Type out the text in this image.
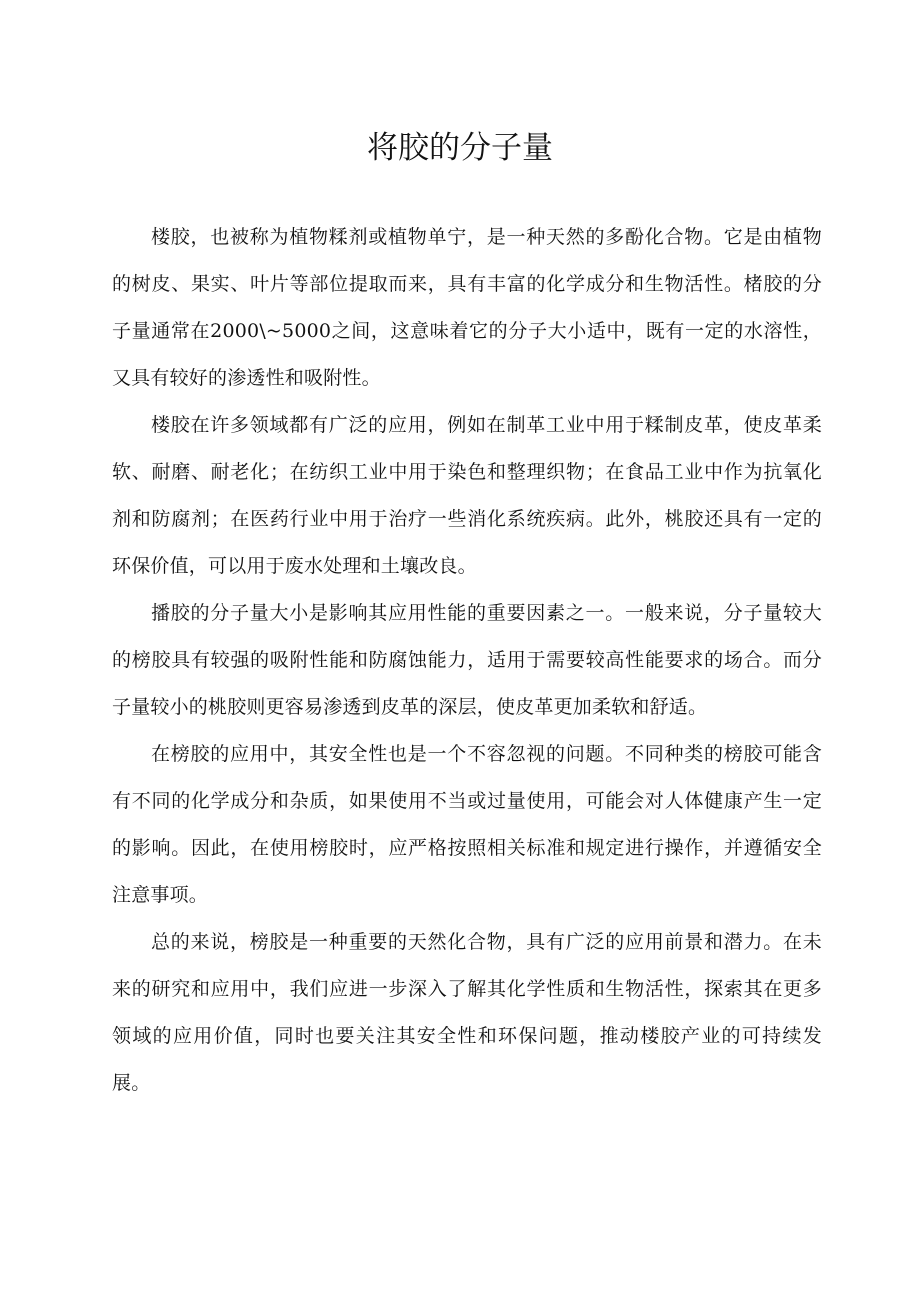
将胶的分子量

楼胶，也被称为植物糅剂或植物单宁，是一种天然的多酚化合物。它是由植物的树皮、果实、叶片等部位提取而来，具有丰富的化学成分和生物活性。楮胶的分子量通常在2000\~5000之间，这意味着它的分子大小适中，既有一定的水溶性，又具有较好的渗透性和吸附性。

楼胶在许多领域都有广泛的应用，例如在制革工业中用于糅制皮革，使皮革柔软、耐磨、耐老化；在纺织工业中用于染色和整理织物；在食品工业中作为抗氧化剂和防腐剂；在医药行业中用于治疗一些消化系统疾病。此外，桃胶还具有一定的环保价值，可以用于废水处理和土壤改良。

播胶的分子量大小是影响其应用性能的重要因素之一。一般来说，分子量较大的榜胶具有较强的吸附性能和防腐蚀能力，适用于需要较高性能要求的场合。而分子量较小的桃胶则更容易渗透到皮革的深层，使皮革更加柔软和舒适。

在榜胶的应用中，其安全性也是一个不容忽视的问题。不同种类的榜胶可能含有不同的化学成分和杂质，如果使用不当或过量使用，可能会对人体健康产生一定的影响。因此，在使用榜胶时，应严格按照相关标准和规定进行操作，并遵循安全注意事项。

总的来说，榜胶是一种重要的天然化合物，具有广泛的应用前景和潜力。在未来的研究和应用中，我们应进一步深入了解其化学性质和生物活性，探索其在更多领域的应用价值，同时也要关注其安全性和环保问题，推动楼胶产业的可持续发展。
